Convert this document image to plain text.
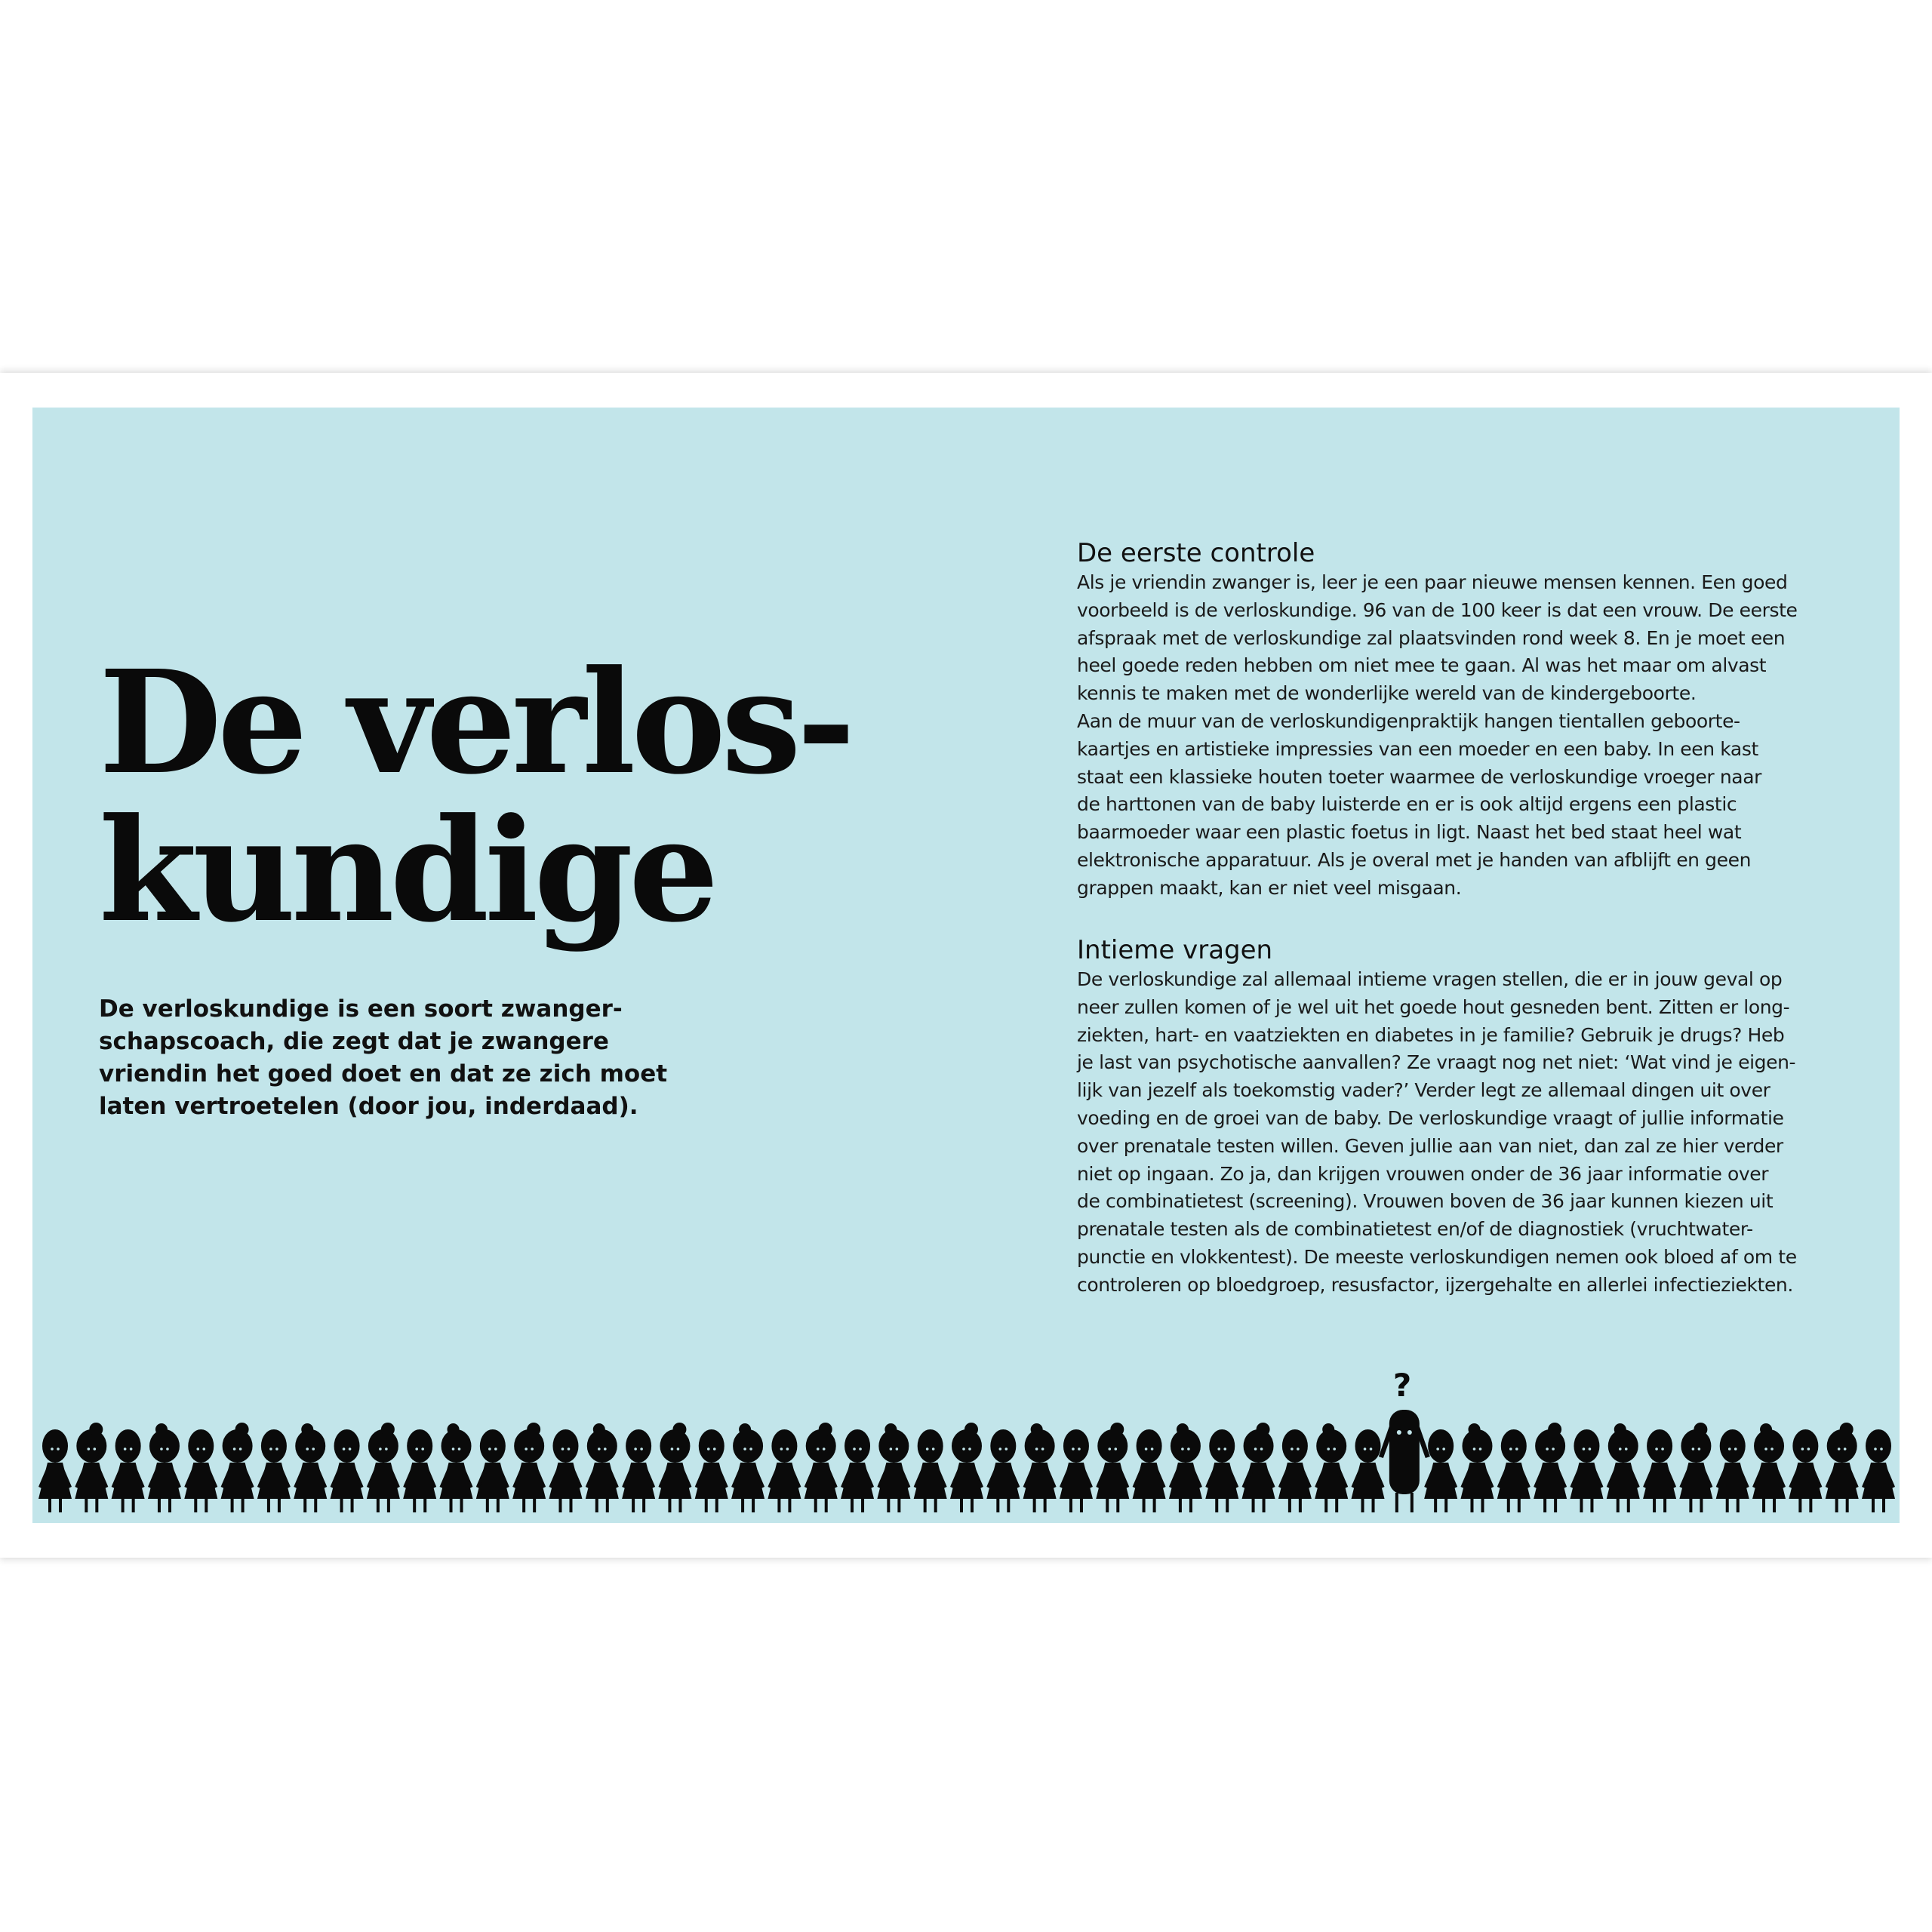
De verlos-
kundige

De verloskundige is een soort zwanger-
schapscoach, die zegt dat je zwangere
vriendin het goed doet en dat ze zich moet
laten vertroetelen (door jou, inderdaad).

De eerste controle

Als je vriendin zwanger is, leer je een paar nieuwe mensen kennen. Een goed
voorbeeld is de verloskundige. 96 van de 100 keer is dat een vrouw. De eerste
afspraak met de verloskundige zal plaatsvinden rond week 8. En je moet een
heel goede reden hebben om niet mee te gaan. Al was het maar om alvast
kennis te maken met de wonderlijke wereld van de kindergeboorte.
Aan de muur van de verloskundigenpraktijk hangen tientallen geboorte-
kaartjes en artistieke impressies van een moeder en een baby. In een kast
staat een klassieke houten toeter waarmee de verloskundige vroeger naar
de harttonen van de baby luisterde en er is ook altijd ergens een plastic
baarmoeder waar een plastic foetus in ligt. Naast het bed staat heel wat
elektronische apparatuur. Als je overal met je handen van afblijft en geen
grappen maakt, kan er niet veel misgaan.

Intieme vragen

De verloskundige zal allemaal intieme vragen stellen, die er in jouw geval op
neer zullen komen of je wel uit het goede hout gesneden bent. Zitten er long-
ziekten, hart- en vaatziekten en diabetes in je familie? Gebruik je drugs? Heb
je last van psychotische aanvallen? Ze vraagt nog net niet: ‘Wat vind je eigen-
lijk van jezelf als toekomstig vader?’ Verder legt ze allemaal dingen uit over
voeding en de groei van de baby. De verloskundige vraagt of jullie informatie
over prenatale testen willen. Geven jullie aan van niet, dan zal ze hier verder
niet op ingaan. Zo ja, dan krijgen vrouwen onder de 36 jaar informatie over
de combinatietest (screening). Vrouwen boven de 36 jaar kunnen kiezen uit
prenatale testen als de combinatietest en/of de diagnostiek (vruchtwater-
punctie en vlokkentest). De meeste verloskundigen nemen ook bloed af om te
controleren op bloedgroep, resusfactor, ijzergehalte en allerlei infectieziekten.

?
